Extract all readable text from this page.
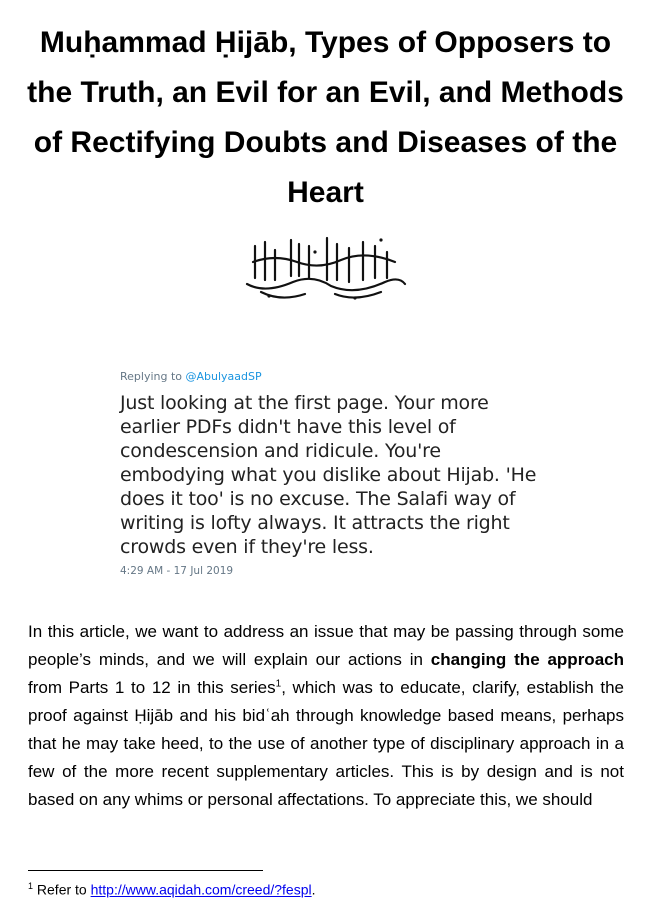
Muḥammad Ḥijāb, Types of Opposers to the Truth, an Evil for an Evil, and Methods of Rectifying Doubts and Diseases of the Heart
Replying to @AbulyaadSP
Just looking at the first page. Your more earlier PDFs didn't have this level of condescension and ridicule. You're embodying what you dislike about Hijab. 'He does it too' is no excuse. The Salafi way of writing is lofty always. It attracts the right crowds even if they're less.
4:29 AM - 17 Jul 2019
In this article, we want to address an issue that may be passing through some people’s minds, and we will explain our actions in changing the approach from Parts 1 to 12 in this series$^1$, which was to educate, clarify, establish the proof against Ḥijāb and his bidʿah through knowledge based means, perhaps that he may take heed, to the use of another type of disciplinary approach in a few of the more recent supplementary articles. This is by design and is not based on any whims or personal affectations. To appreciate this, we should
$^1$ Refer to http://www.aqidah.com/creed/?fespl.
